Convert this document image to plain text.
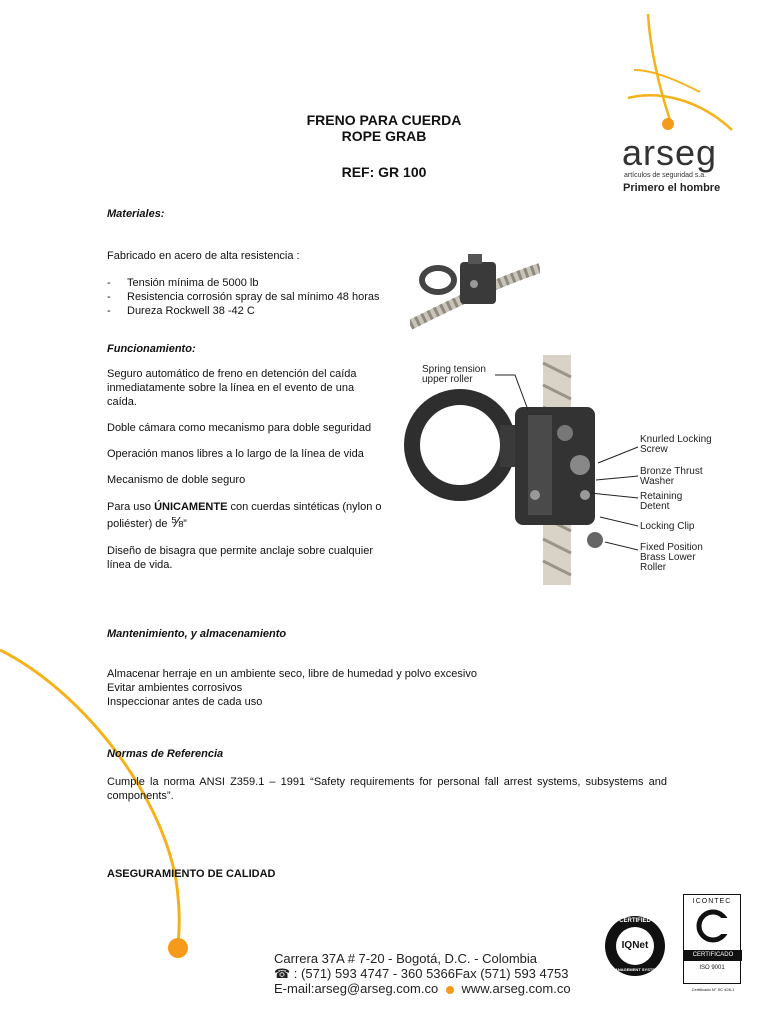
arseg
artículos de seguridad s.a.
Primero el hombre
FRENO PARA CUERDA
ROPE GRAB
REF: GR 100
Materiales:
Fabricado en acero de alta resistencia :
- Tensión mínima de 5000 lb
- Resistencia corrosión spray de sal mínimo 48 horas
- Dureza Rockwell 38 -42 C
Funcionamiento:

Seguro automático de freno en detención del caída inmediatamente sobre la línea en el evento de una caída.

Doble cámara como mecanismo para doble seguridad

Operación manos libres a lo largo de la línea de vida

Mecanismo de doble seguro

Para uso ÚNICAMENTE con cuerdas sintéticas (nylon o poliéster) de ⅝”

Diseño de bisagra que permite anclaje sobre cualquier línea de vida.

Spring tension upper roller
Knurled Locking Screw
Bronze Thrust Washer
Retaining Detent
Locking Clip
Fixed Position Brass Lower Roller
Mantenimiento, y almacenamiento
Almacenar herraje en un ambiente seco, libre de humedad y polvo excesivo
Evitar ambientes corrosivos
Inspeccionar antes de cada uso
Normas de Referencia
Cumple la norma ANSI Z359.1 – 1991 “Safety requirements for personal fall arrest systems, subsystems and components”.
ASEGURAMIENTO DE CALIDAD
Carrera 37A # 7-20 - Bogotá, D.C. - Colombia
☎ : (571) 593 4747 - 360 5366Fax (571) 593 4753
E-mail:arseg@arseg.com.co www.arseg.com.co
CERTIFIED
IQNet
MANAGEMENT SYSTEM
ICONTEC
CERTIFICADO
ISO 9001
Certificado N° SC 428-1
